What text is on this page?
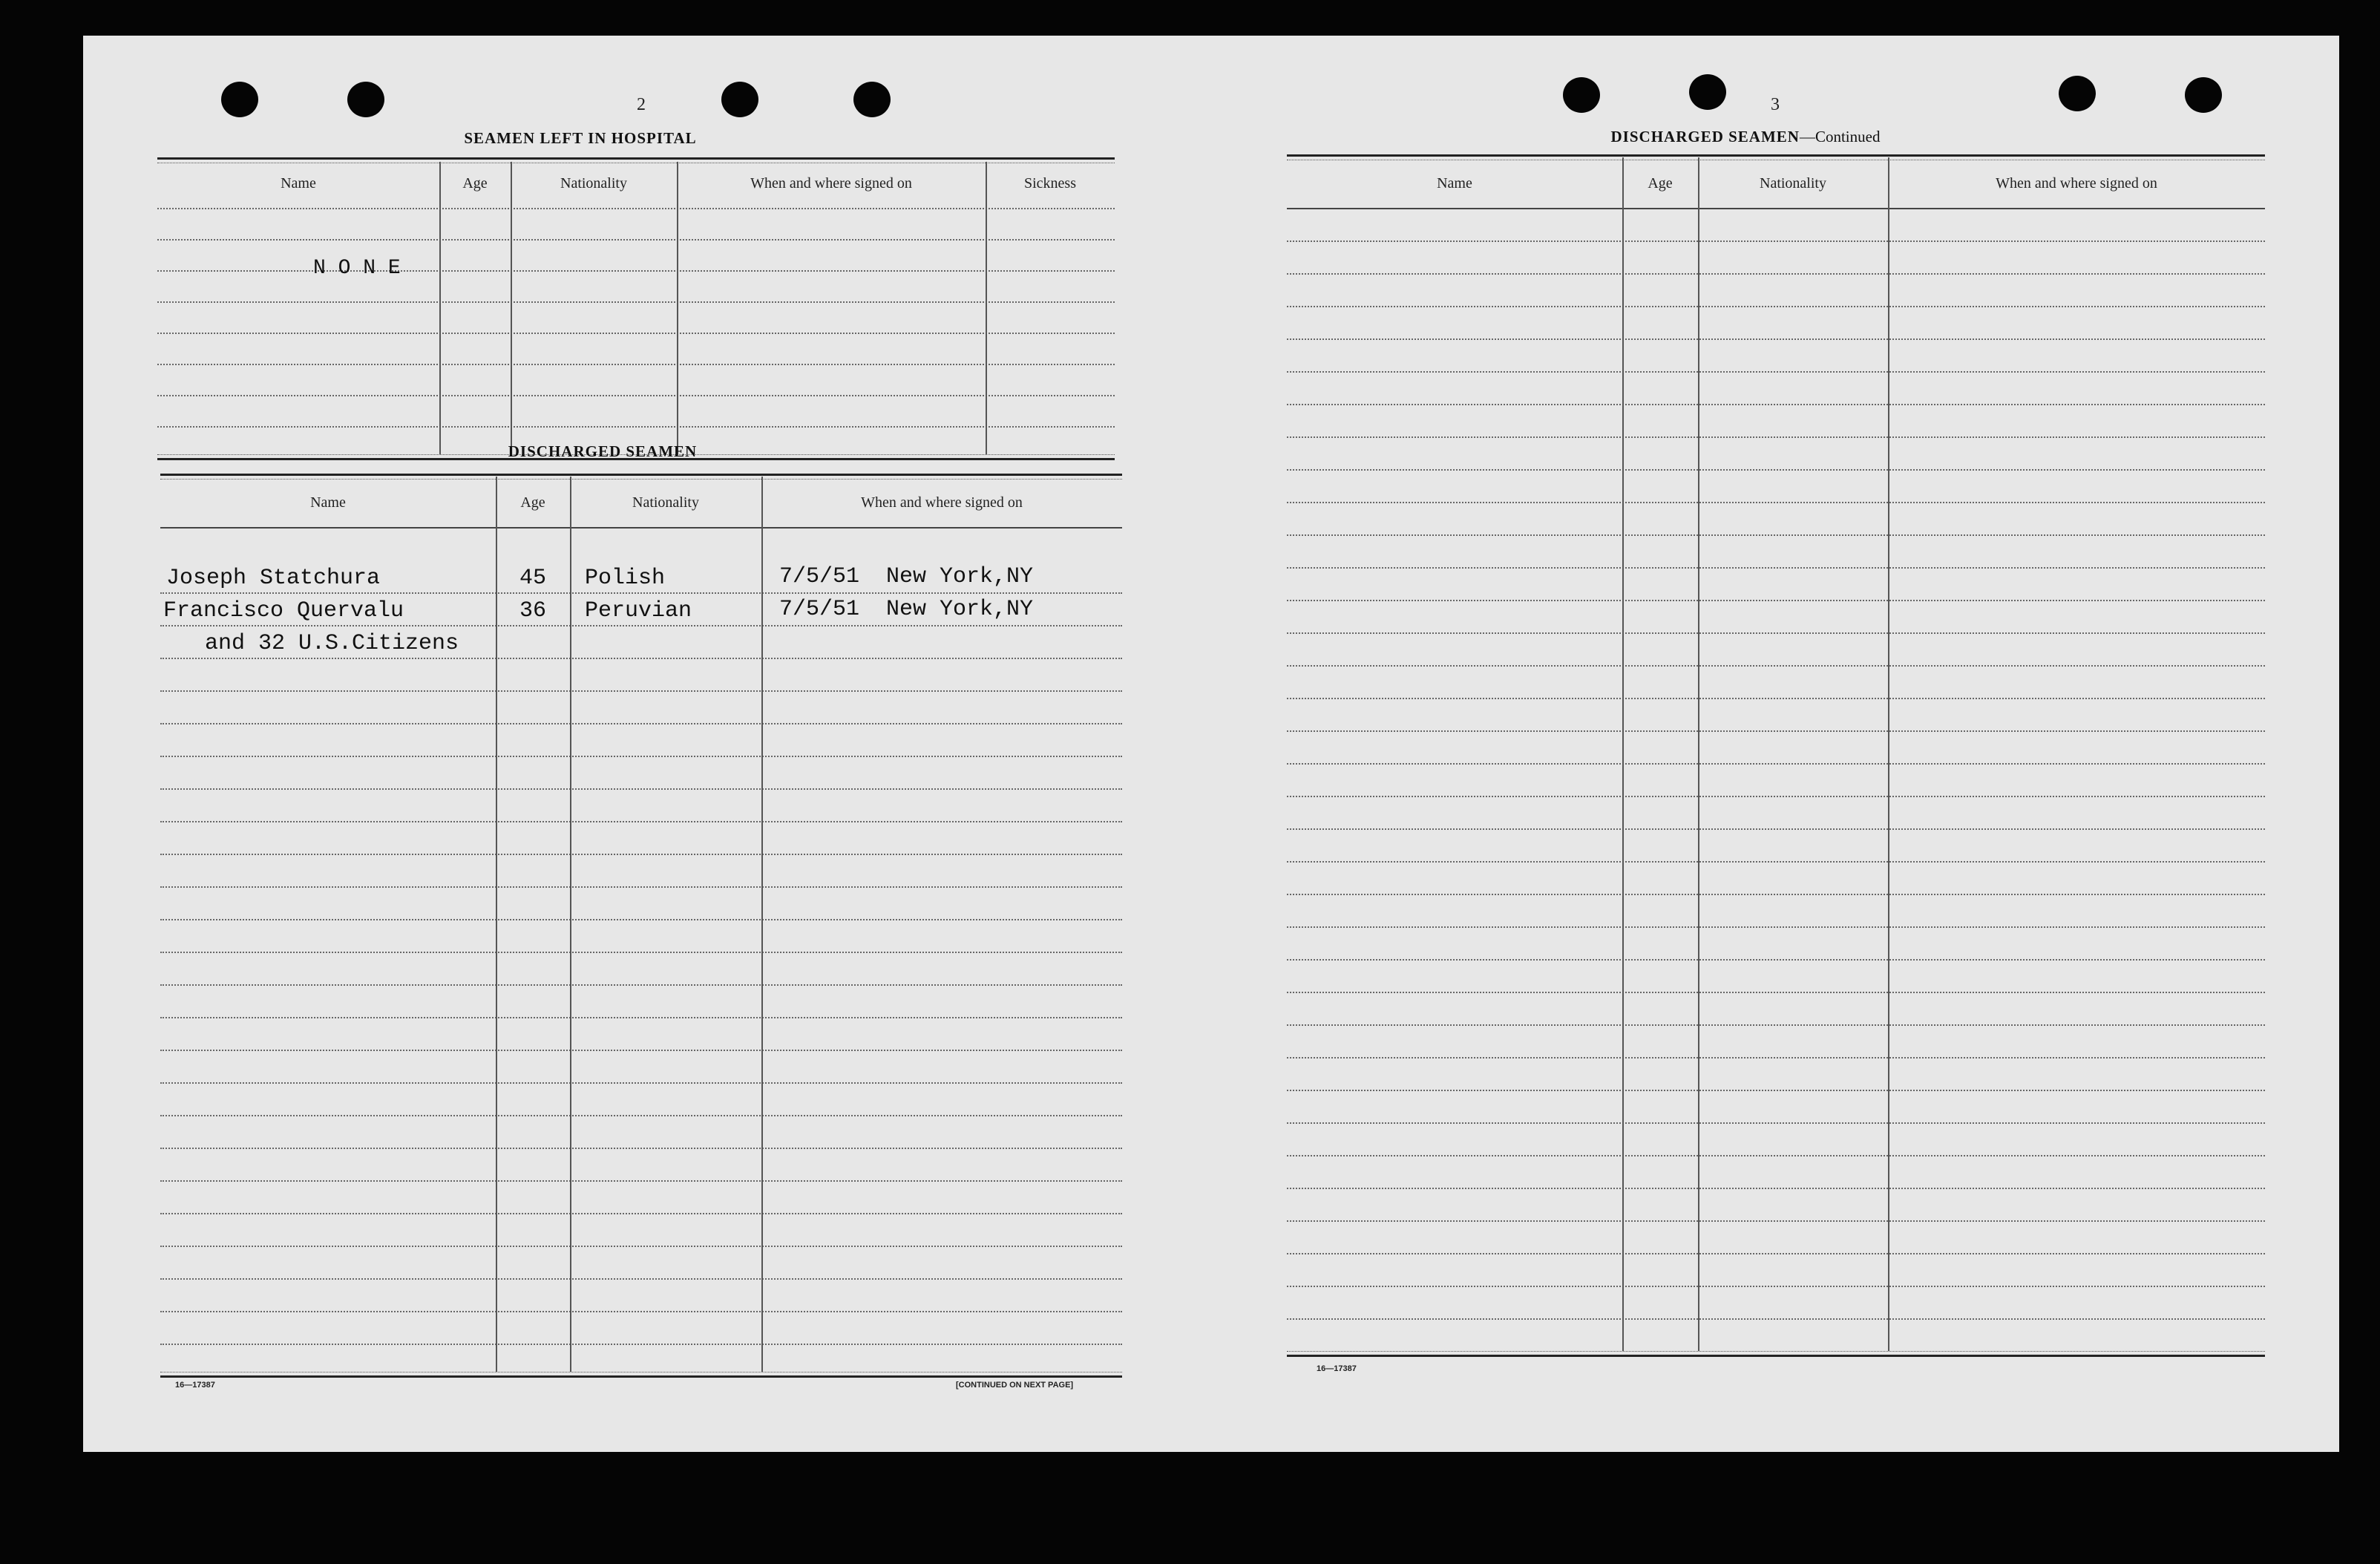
2
SEAMEN LEFT IN HOSPITAL
Name	Age	Nationality	When and where signed on	Sickness
N O N E
DISCHARGED SEAMEN
Name	Age	Nationality	When and where signed on
Joseph Statchura	45 Polish	7/5/51  New York,NY
Francisco Quervalu	36 Peruvian	7/5/51  New York,NY
and 32 U.S.Citizens
16—17387	[CONTINUED ON NEXT PAGE]
3
DISCHARGED SEAMEN—Continued
Name	Age	Nationality	When and where signed on
16—17387
